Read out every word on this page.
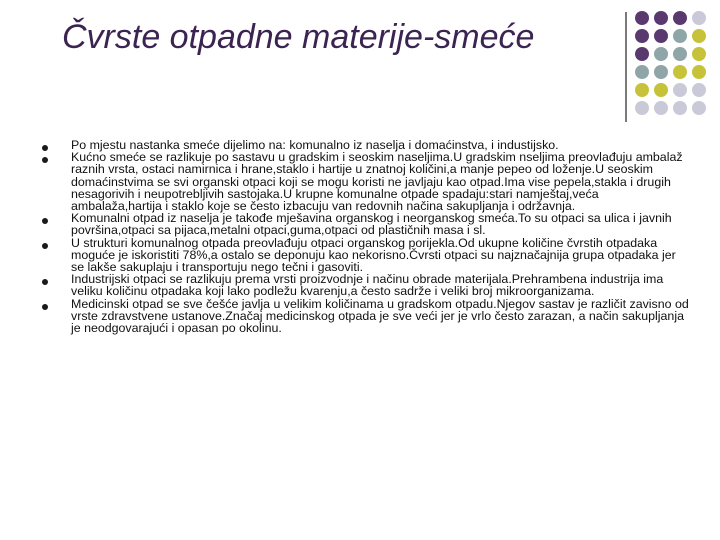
Čvrste otpadne materije-smeće
Po mjestu nastanka smeće dijelimo na: komunalno iz naselja i domaćinstva, i industijsko.
Kućno smeće se razlikuje po sastavu u gradskim i seoskim naseljima.U gradskim nseljima preovlađuju ambalaž raznih vrsta, ostaci namirnica i hrane,staklo i hartije u znatnoj količini,a manje pepeo od loženje.U seoskim domaćinstvima se svi organski otpaci koji se mogu koristi ne javljaju kao otpad.Ima vise pepela,stakla i drugih nesagorivih i neupotrebljivih sastojaka.U krupne komunalne otpade spadaju:stari namještaj,veća ambalaža,hartija i staklo koje se često izbacuju van redovnih načina sakupljanja i održavnja.
Komunalni otpad iz naselja je takođe mješavina organskog i neorganskog smeća.To su otpaci sa ulica i javnih površina,otpaci sa pijaca,metalni otpaci,guma,otpaci od plastičnih masa i sl.
U strukturi komunalnog otpada preovlađuju otpaci organskog porijekla.Od ukupne količine čvrstih otpadaka moguće je iskoristiti 78%,a ostalo se deponuju kao nekorisno.Čvrsti otpaci su najznačajnija grupa otpadaka jer se lakše sakuplaju i transportuju nego tečni i gasoviti.
Industrijski otpaci se razlikuju prema vrsti proizvodnje i načinu obrade materijala.Prehrambena industrija ima veliku količinu otpadaka koji lako podležu kvarenju,a često sadrže i veliki broj mikroorganizama.
Medicinski otpad se sve češće javlja u velikim količinama u gradskom otpadu.Njegov sastav je različit zavisno od vrste zdravstvene ustanove.Značaj medicinskog otpada je sve veći jer je vrlo često zarazan, a način sakupljanja je neodgovarajući i opasan po okolinu.
